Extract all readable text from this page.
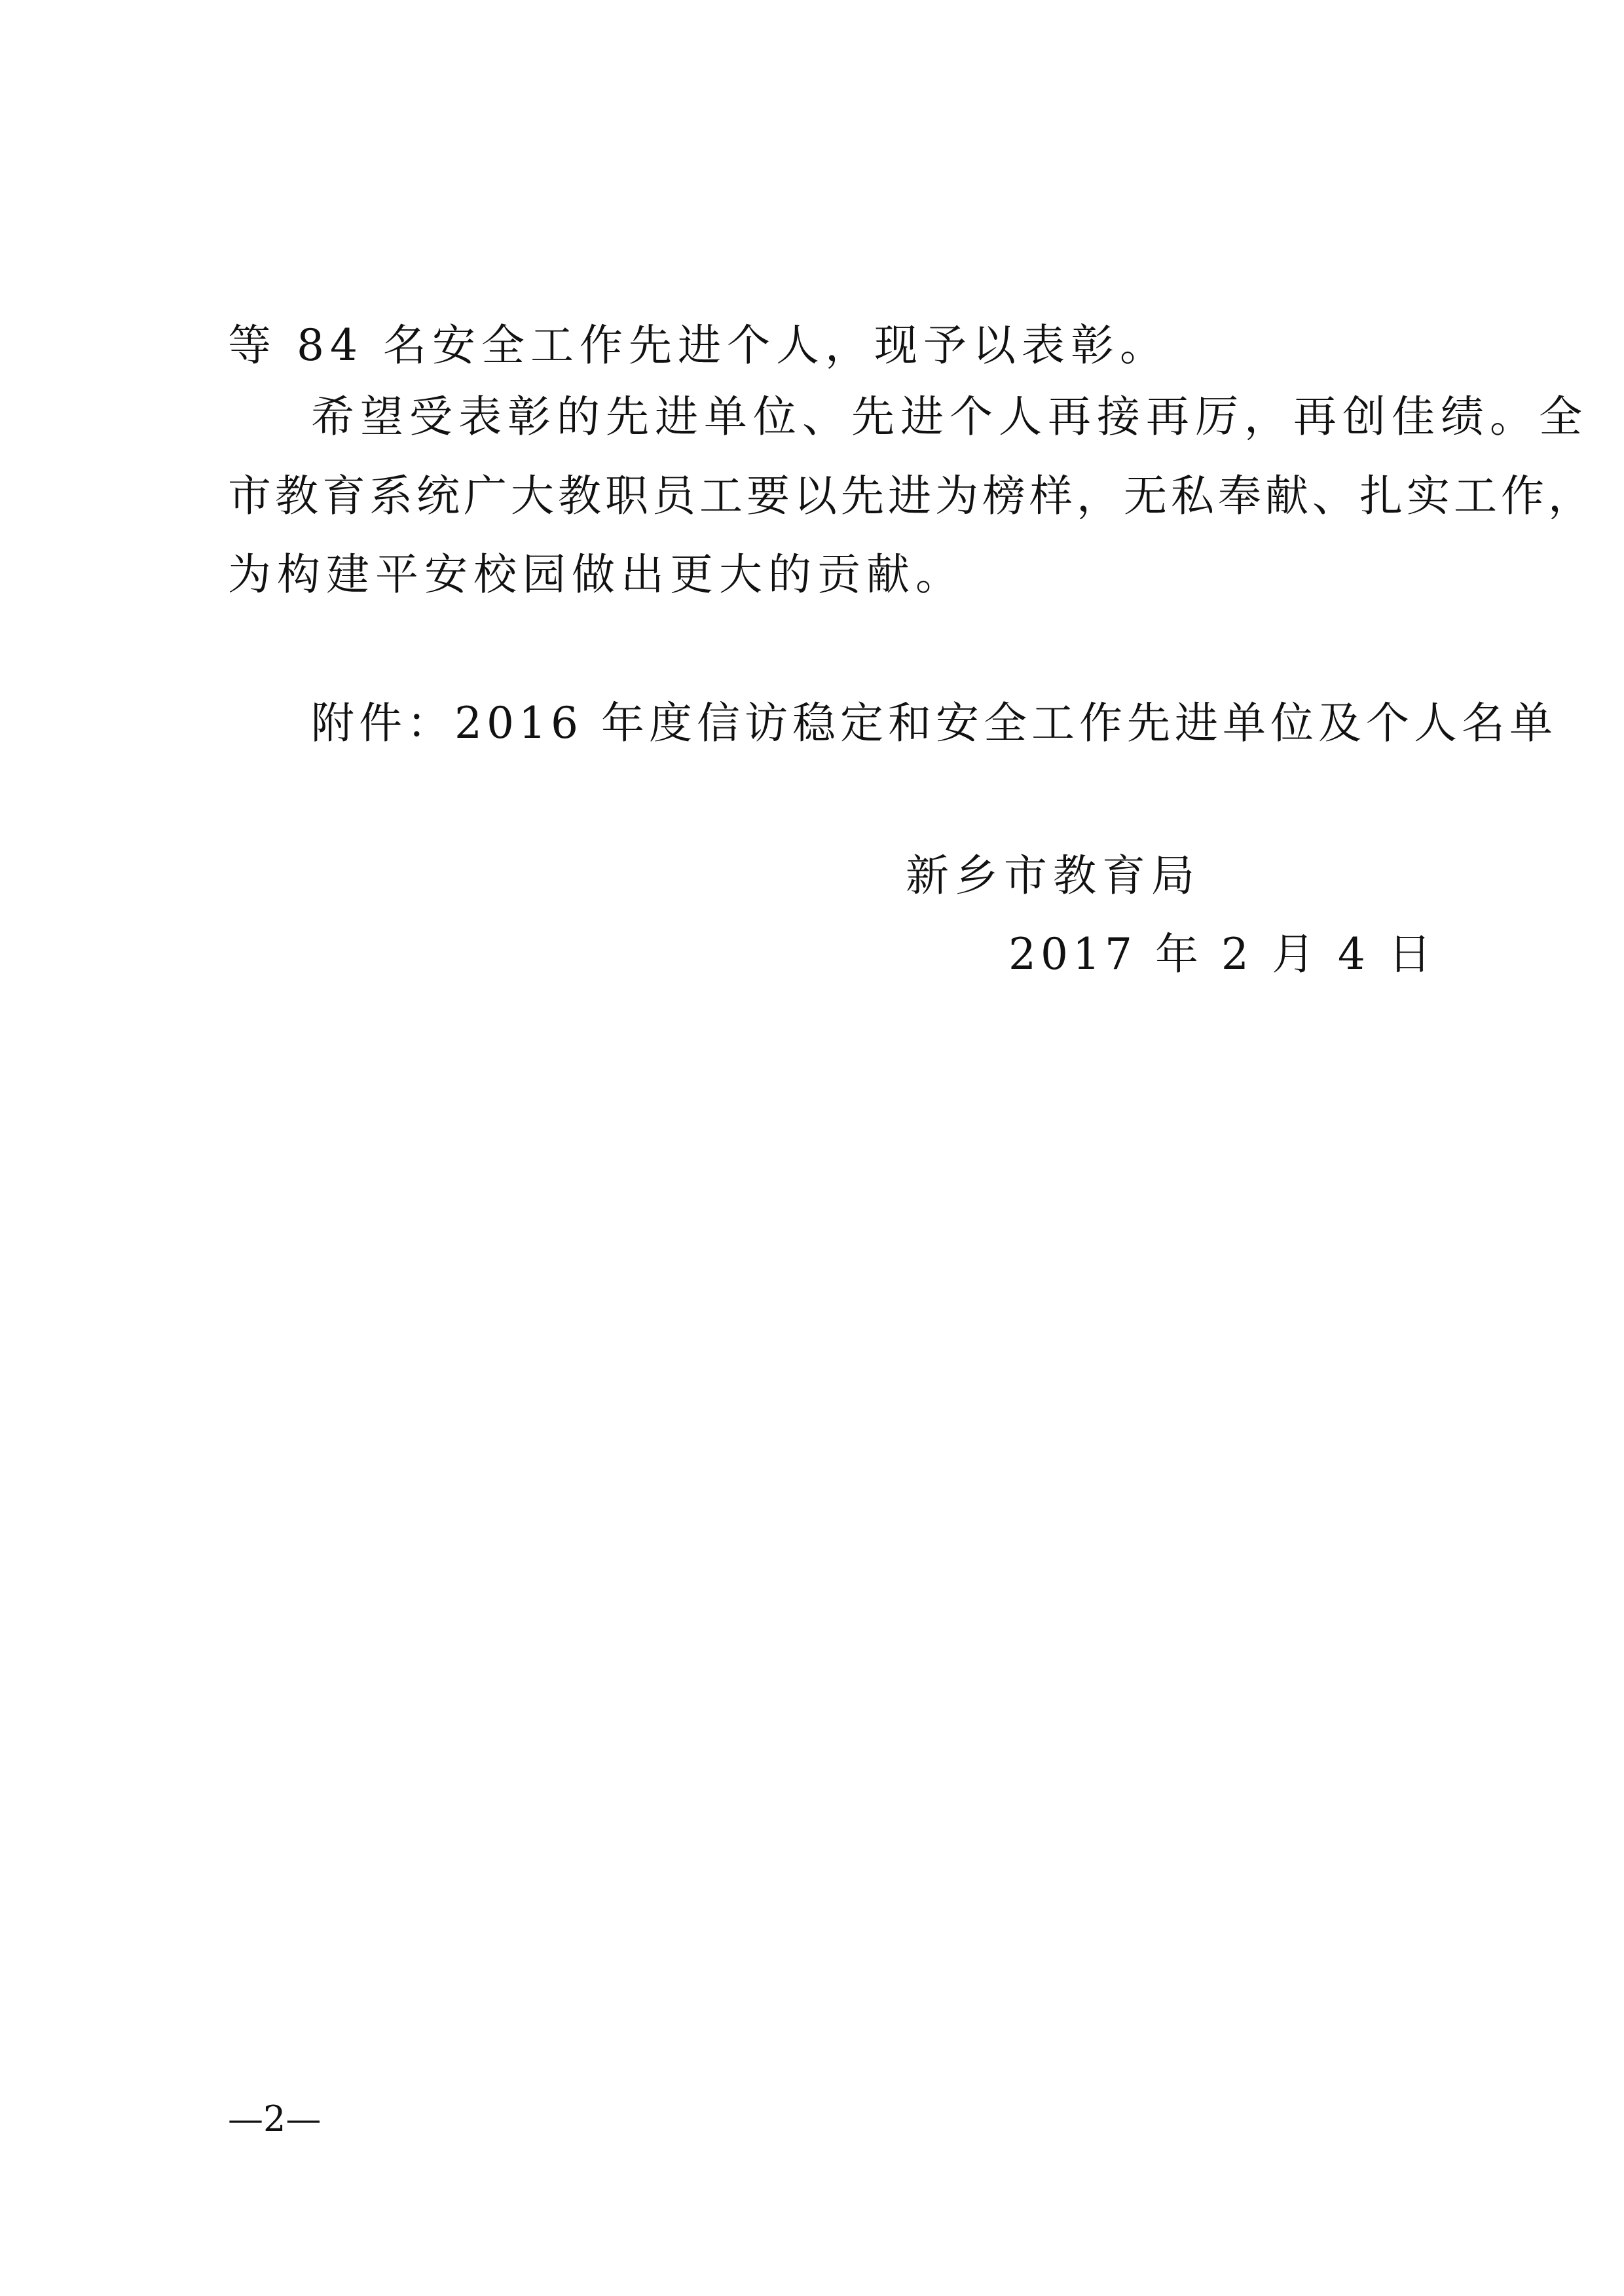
等 84 名安全工作先进个人，现予以表彰。
希望受表彰的先进单位、先进个人再接再厉，再创佳绩。全
市教育系统广大教职员工要以先进为榜样，无私奉献、扎实工作，
为构建平安校园做出更大的贡献。
附件：2016 年度信访稳定和安全工作先进单位及个人名单
新乡市教育局
2017 年 2 月 4 日
—2—
